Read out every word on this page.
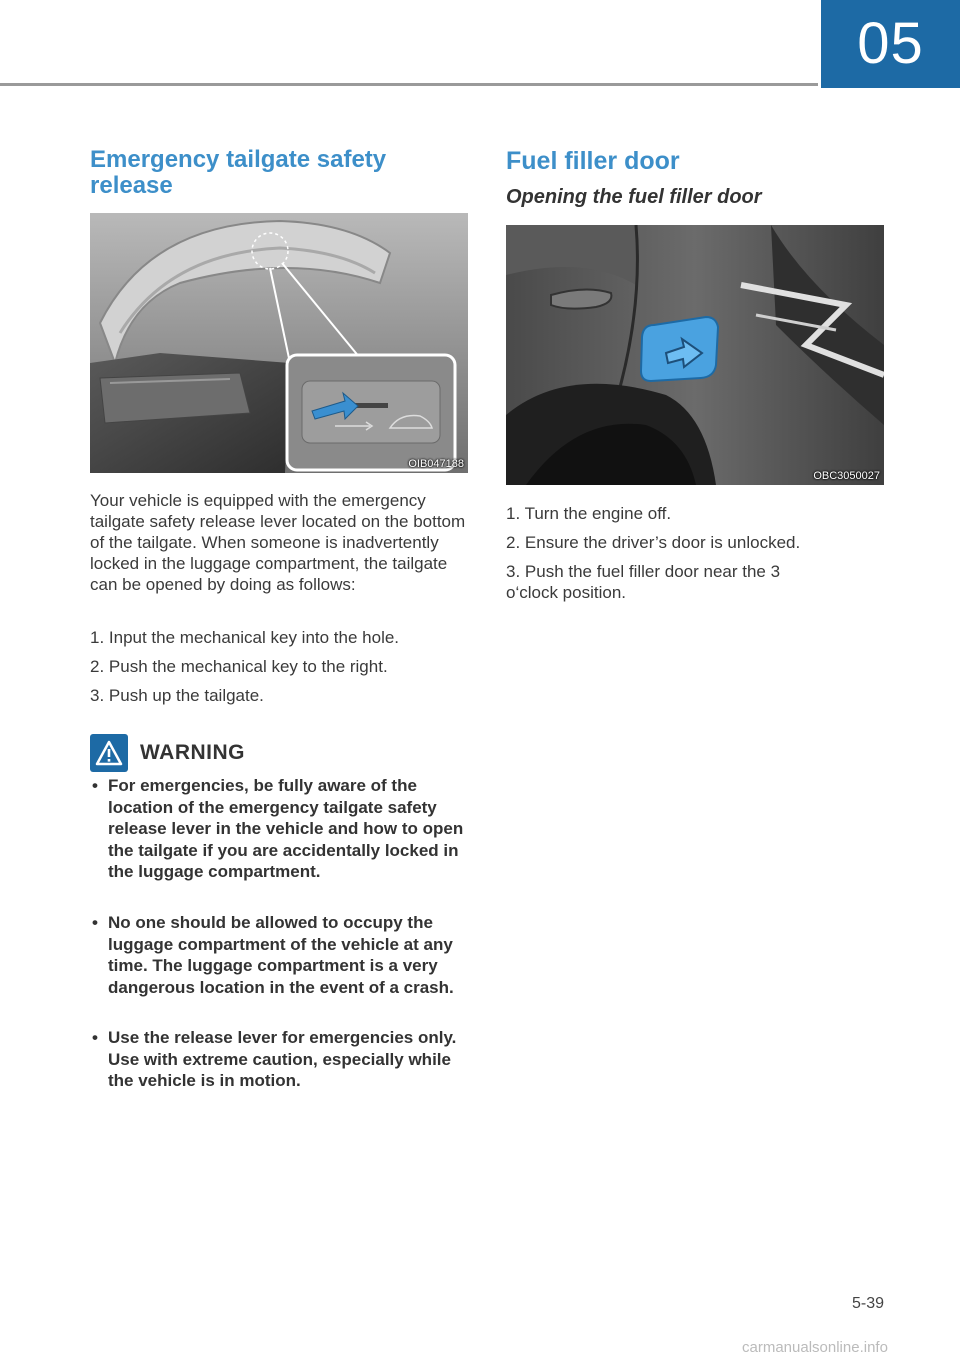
05
Emergency tailgate safety release
OIB047188

Your vehicle is equipped with the emergency tailgate safety release lever located on the bottom of the tailgate. When someone is inadvertently locked in the luggage compartment, the tailgate can be opened by doing as follows:

1. Input the mechanical key into the hole.

2. Push the mechanical key to the right.

3. Push up the tailgate.

WARNING
• For emergencies, be fully aware of the location of the emergency tailgate safety release lever in the vehicle and how to open the tailgate if you are accidentally locked in the luggage compartment.
• No one should be allowed to occupy the luggage compartment of the vehicle at any time. The luggage compartment is a very dangerous location in the event of a crash.
• Use the release lever for emergencies only. Use with extreme caution, especially while the vehicle is in motion.
Fuel filler door
Opening the fuel filler door
OBC3050027

1. Turn the engine off.

2. Ensure the driver’s door is unlocked.

3. Push the fuel filler door near the 3 o‘clock position.

5-39
carmanualsonline.info
